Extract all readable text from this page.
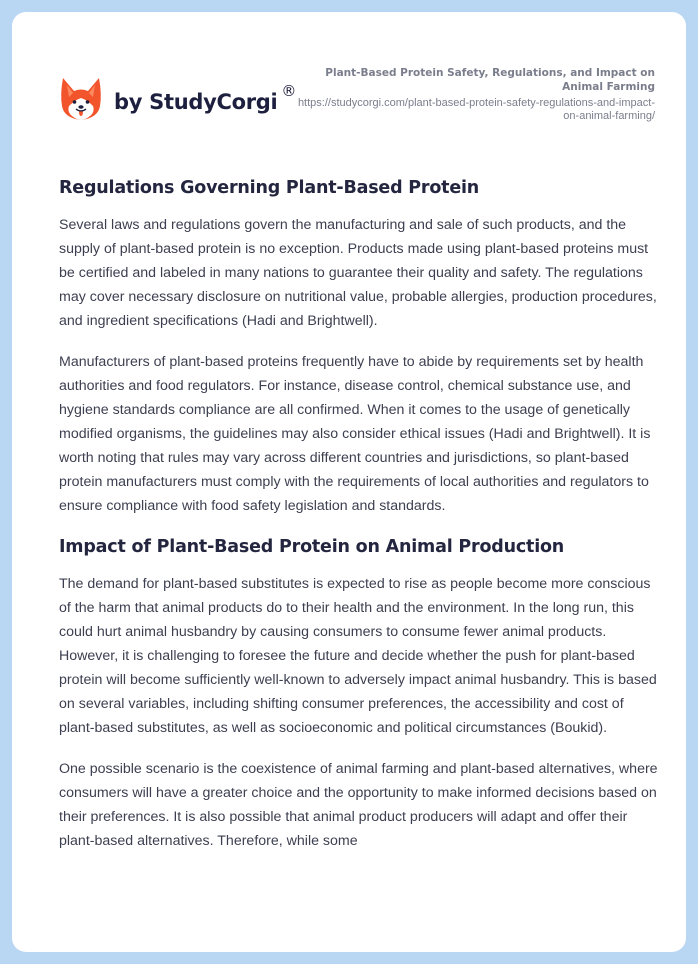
by StudyCorgi ®
Plant-Based Protein Safety, Regulations, and Impact on Animal Farming
https://studycorgi.com/plant-based-protein-safety-regulations-and-impact-on-animal-farming/
Regulations Governing Plant-Based Protein

Several laws and regulations govern the manufacturing and sale of such products, and the supply of plant-based protein is no exception. Products made using plant-based proteins must be certified and labeled in many nations to guarantee their quality and safety. The regulations may cover necessary disclosure on nutritional value, probable allergies, production procedures, and ingredient specifications (Hadi and Brightwell).

Manufacturers of plant-based proteins frequently have to abide by requirements set by health authorities and food regulators. For instance, disease control, chemical substance use, and hygiene standards compliance are all confirmed. When it comes to the usage of genetically modified organisms, the guidelines may also consider ethical issues (Hadi and Brightwell). It is worth noting that rules may vary across different countries and jurisdictions, so plant-based protein manufacturers must comply with the requirements of local authorities and regulators to ensure compliance with food safety legislation and standards.

Impact of Plant-Based Protein on Animal Production

The demand for plant-based substitutes is expected to rise as people become more conscious of the harm that animal products do to their health and the environment. In the long run, this could hurt animal husbandry by causing consumers to consume fewer animal products. However, it is challenging to foresee the future and decide whether the push for plant-based protein will become sufficiently well-known to adversely impact animal husbandry. This is based on several variables, including shifting consumer preferences, the accessibility and cost of plant-based substitutes, as well as socioeconomic and political circumstances (Boukid).

One possible scenario is the coexistence of animal farming and plant-based alternatives, where consumers will have a greater choice and the opportunity to make informed decisions based on their preferences. It is also possible that animal product producers will adapt and offer their plant-based alternatives. Therefore, while some
